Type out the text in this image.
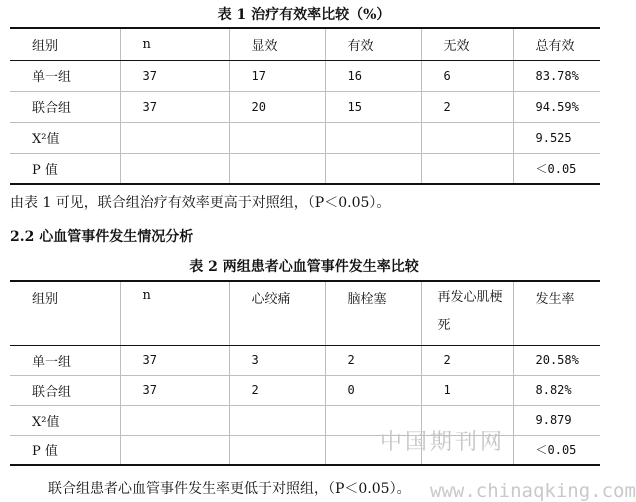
表 1 治疗有效率比较（%）
组别	n	显效	有效	无效	总有效
单一组	37	17	16	6	83.78%
联合组	37	20	15	2	94.59%
X²值					9.525
P 值					＜0.05
由表 1 可见，联合组治疗有效率更高于对照组，（P＜0.05）。
2.2 心血管事件发生情况分析
表 2 两组患者心血管事件发生率比较
组别	n	心绞痛	脑栓塞	再发心肌梗死	发生率
单一组	37	3	2	2	20.58%
联合组	37	2	0	1	8.82%
X²值					9.879
P 值					＜0.05
联合组患者心血管事件发生率更低于对照组，（P＜0.05）。
中国期刊网
www.chinaqking.com
